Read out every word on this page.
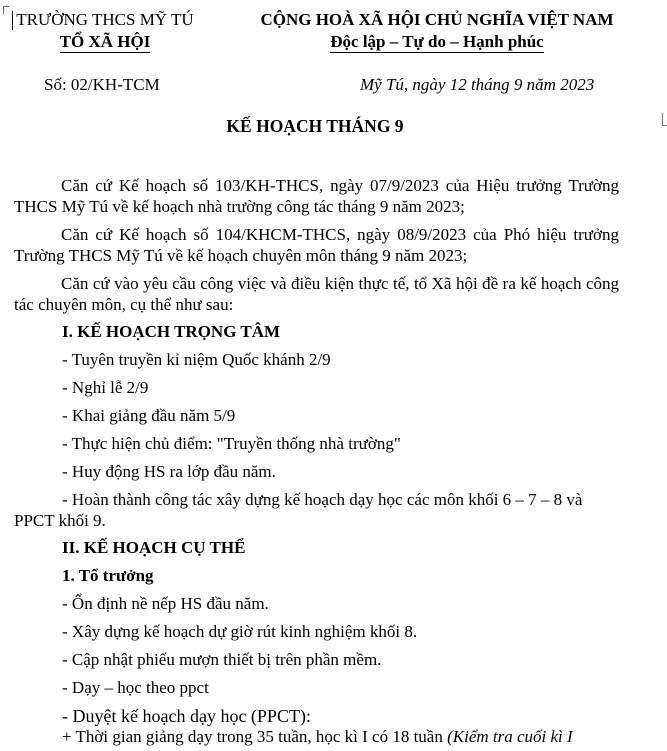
TRƯỜNG THCS MỸ TÚ
TỔ XÃ HỘI
CỘNG HOÀ XÃ HỘI CHỦ NGHĨA VIỆT NAM
Độc lập – Tự do – Hạnh phúc
Số: 02/KH-TCM	Mỹ Tú, ngày 12 tháng 9 năm 2023
KẾ HOẠCH THÁNG 9
Căn cứ Kế hoạch số 103/KH-THCS, ngày 07/9/2023 của Hiệu trưởng Trường THCS Mỹ Tú về kế hoạch nhà trường công tác tháng 9 năm 2023;
Căn cứ Kế hoạch số 104/KHCM-THCS, ngày 08/9/2023 của Phó hiệu trưởng Trường THCS Mỹ Tú về kế hoạch chuyên môn tháng 9 năm 2023;
Căn cứ vào yêu cầu công việc và điều kiện thực tế, tổ Xã hội đề ra kế hoạch công tác chuyên môn, cụ thể như sau:
I. KẾ HOẠCH TRỌNG TÂM
- Tuyên truyền kỉ niệm Quốc khánh 2/9
- Nghỉ lễ 2/9
- Khai giảng đầu năm 5/9
- Thực hiện chủ điểm: "Truyền thống nhà trường"
- Huy động HS ra lớp đầu năm.
- Hoàn thành công tác xây dựng kế hoạch dạy học các môn khối 6 – 7 – 8 và
PPCT khối 9.
II. KẾ HOẠCH CỤ THỂ
1. Tổ trưởng
- Ổn định nề nếp HS đầu năm.
- Xây dựng kế hoạch dự giờ rút kinh nghiệm khối 8.
- Cập nhật phiếu mượn thiết bị trên phần mềm.
- Dạy – học theo ppct
- Duyệt kế hoạch dạy học (PPCT):
+ Thời gian giảng dạy trong 35 tuần, học kì I có 18 tuần (Kiểm tra cuối kì I
